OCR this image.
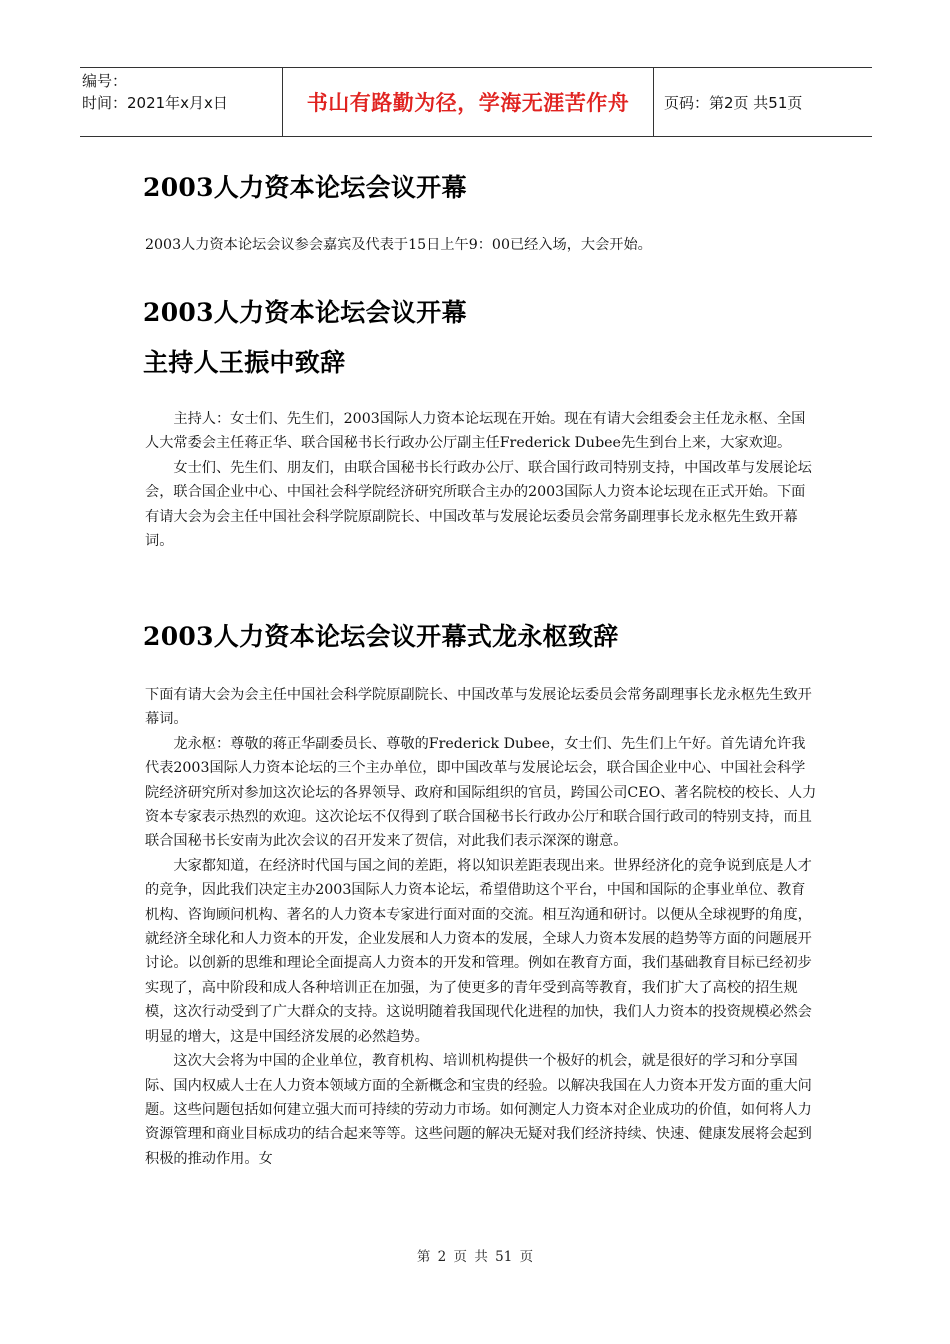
编号：
时间：2021年x月x日	书山有路勤为径，学海无涯苦作舟	页码：第2页 共51页
2003人力资本论坛会议开幕

2003人力资本论坛会议参会嘉宾及代表于15日上午9：00已经入场，大会开始。

2003人力资本论坛会议开幕
主持人王振中致辞

主持人：女士们、先生们，2003国际人力资本论坛现在开始。现在有请大会组委会主任龙永枢、全国人大常委会主任蒋正华、联合国秘书长行政办公厅副主任Frederick Dubee先生到台上来，大家欢迎。

女士们、先生们、朋友们，由联合国秘书长行政办公厅、联合国行政司特别支持，中国改革与发展论坛会，联合国企业中心、中国社会科学院经济研究所联合主办的2003国际人力资本论坛现在正式开始。下面有请大会为会主任中国社会科学院原副院长、中国改革与发展论坛委员会常务副理事长龙永枢先生致开幕词。

2003人力资本论坛会议开幕式龙永枢致辞

下面有请大会为会主任中国社会科学院原副院长、中国改革与发展论坛委员会常务副理事长龙永枢先生致开幕词。

龙永枢：尊敬的蒋正华副委员长、尊敬的Frederick Dubee，女士们、先生们上午好。首先请允许我代表2003国际人力资本论坛的三个主办单位，即中国改革与发展论坛会，联合国企业中心、中国社会科学院经济研究所对参加这次论坛的各界领导、政府和国际组织的官员，跨国公司CEO、著名院校的校长、人力资本专家表示热烈的欢迎。这次论坛不仅得到了联合国秘书长行政办公厅和联合国行政司的特别支持，而且联合国秘书长安南为此次会议的召开发来了贺信，对此我们表示深深的谢意。

大家都知道，在经济时代国与国之间的差距，将以知识差距表现出来。世界经济化的竞争说到底是人才的竞争，因此我们决定主办2003国际人力资本论坛，希望借助这个平台，中国和国际的企事业单位、教育机构、咨询顾问机构、著名的人力资本专家进行面对面的交流。相互沟通和研讨。以便从全球视野的角度，就经济全球化和人力资本的开发，企业发展和人力资本的发展，全球人力资本发展的趋势等方面的问题展开讨论。以创新的思维和理论全面提高人力资本的开发和管理。例如在教育方面，我们基础教育目标已经初步实现了，高中阶段和成人各种培训正在加强，为了使更多的青年受到高等教育，我们扩大了高校的招生规模，这次行动受到了广大群众的支持。这说明随着我国现代化进程的加快，我们人力资本的投资规模必然会明显的增大，这是中国经济发展的必然趋势。

这次大会将为中国的企业单位，教育机构、培训机构提供一个极好的机会，就是很好的学习和分享国际、国内权威人士在人力资本领域方面的全新概念和宝贵的经验。以解决我国在人力资本开发方面的重大问题。这些问题包括如何建立强大而可持续的劳动力市场。如何测定人力资本对企业成功的价值，如何将人力资源管理和商业目标成功的结合起来等等。这些问题的解决无疑对我们经济持续、快速、健康发展将会起到积极的推动作用。女

第 2 页 共 51 页
